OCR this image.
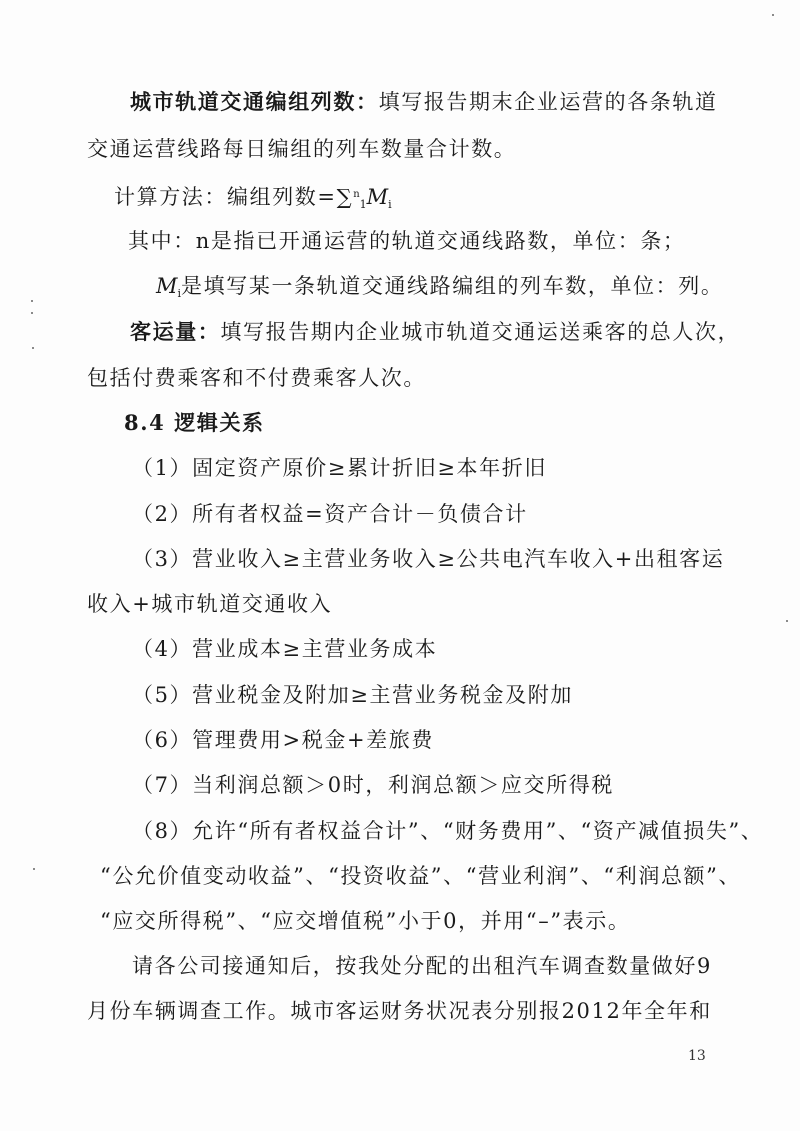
城市轨道交通编组列数：填写报告期末企业运营的各条轨道
交通运营线路每日编组的列车数量合计数。
计算方法：编组列数$=\sum^n_1M_i$
其中：n是指已开通运营的轨道交通线路数，单位：条；
$M_i$是填写某一条轨道交通线路编组的列车数，单位：列。
客运量：填写报告期内企业城市轨道交通运送乘客的总人次，
包括付费乘客和不付费乘客人次。
8.4 逻辑关系
（1）固定资产原价≥累计折旧≥本年折旧
（2）所有者权益=资产合计－负债合计
（3）营业收入≥主营业务收入≥公共电汽车收入+出租客运
收入+城市轨道交通收入
（4）营业成本≥主营业务成本
（5）营业税金及附加≥主营业务税金及附加
（6）管理费用>税金+差旅费
（7）当利润总额＞0时，利润总额＞应交所得税
（8）允许“所有者权益合计”、“财务费用”、“资产减值损失”、
“公允价值变动收益”、“投资收益”、“营业利润”、“利润总额”、
“应交所得税”、“应交增值税”小于0，并用“–”表示。
请各公司接通知后，按我处分配的出租汽车调查数量做好9
月份车辆调查工作。城市客运财务状况表分别报2012年全年和
13
